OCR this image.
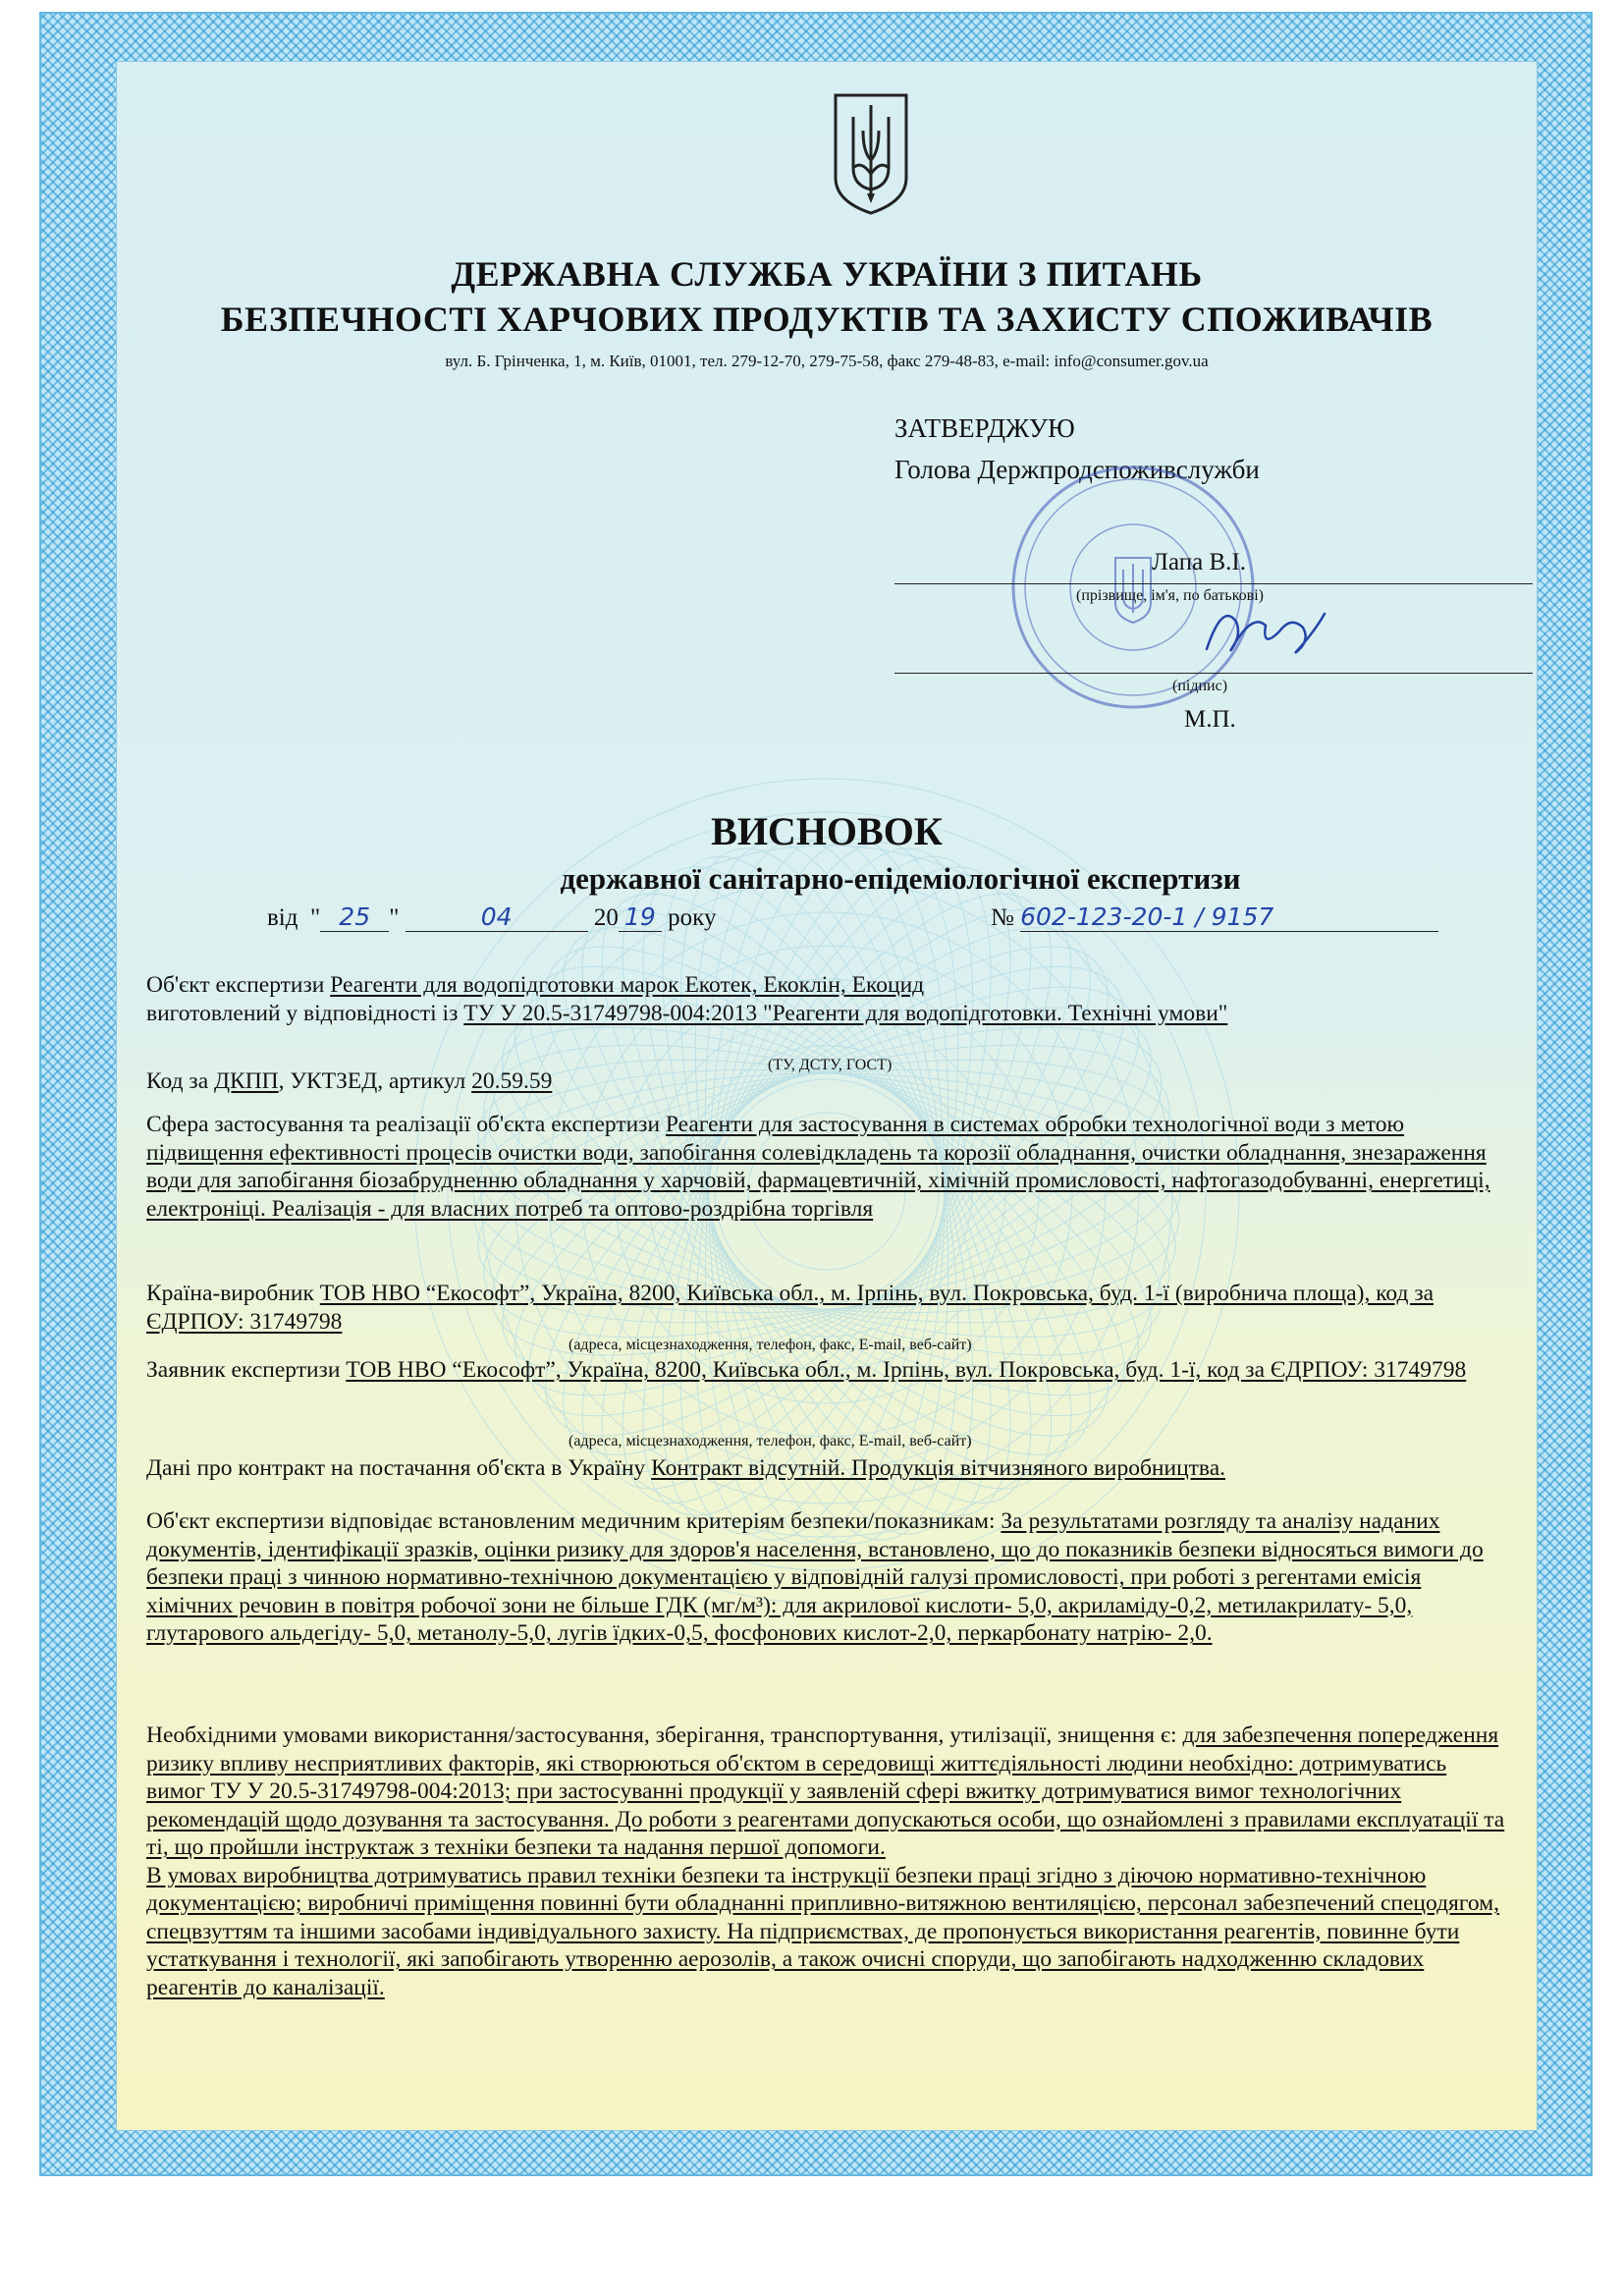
ДЕРЖАВНА СЛУЖБА УКРАЇНИ З ПИТАНЬ
БЕЗПЕЧНОСТІ ХАРЧОВИХ ПРОДУКТІВ ТА ЗАХИСТУ СПОЖИВАЧІВ
вул. Б. Грінченка, 1, м. Київ, 01001, тел. 279-12-70, 279-75-58, факс 279-48-83, e-mail: info@consumer.gov.ua
ЗАТВЕРДЖУЮ
Голова Держпродспоживслужби
Лапа В.І.
(прізвище, ім'я, по батькові)
(підпис)
М.П.
ВИСНОВОК
державної санітарно-епідеміологічної експертизи
від " 25 "	04	20 19 року	№ 602-123-20-1 / 9157

Об'єкт експертизи Реагенти для водопідготовки марок Екотек, Екоклін, Екоцид

виготовлений у відповідності із ТУ У 20.5-31749798-004:2013 "Реагенти для водопідготовки. Технічні умови"

(ТУ, ДСТУ, ГОСТ)

Код за ДКПП, УКТЗЕД, артикул 20.59.59

Сфера застосування та реалізації об'єкта експертизи Реагенти для застосування в системах обробки технологічної води з метою підвищення ефективності процесів очистки води, запобігання солевідкладень та корозії обладнання, очистки обладнання, знезараження води для запобігання біозабрудненню обладнання у харчовій, фармацевтичній, хімічній промисловості, нафтогазодобуванні, енергетиці, електроніці. Реалізація - для власних потреб та оптово-роздрібна торгівля

Країна-виробник ТОВ НВО “Екософт”, Україна, 8200, Київська обл., м. Ірпінь, вул. Покровська, буд. 1-ї (виробнича площа), код за ЄДРПОУ: 31749798

(адреса, місцезнаходження, телефон, факс, E-mail, веб-сайт)

Заявник експертизи ТОВ НВО “Екософт”, Україна, 8200, Київська обл., м. Ірпінь, вул. Покровська, буд. 1-ї, код за ЄДРПОУ: 31749798

(адреса, місцезнаходження, телефон, факс, E-mail, веб-сайт)

Дані про контракт на постачання об'єкта в Україну Контракт відсутній. Продукція вітчизняного виробництва.

Об'єкт експертизи відповідає встановленим медичним критеріям безпеки/показникам: За результатами розгляду та аналізу наданих документів, ідентифікації зразків, оцінки ризику для здоров'я населення, встановлено, що до показників безпеки відносяться вимоги до безпеки праці з чинною нормативно-технічною документацією у відповідній галузі промисловості, при роботі з регентами емісія хімічних речовин в повітря робочої зони не більше ГДК (мг/м³): для акрилової кислоти- 5,0, акриламіду-0,2, метилакрилату- 5,0, глутарового альдегіду- 5,0, метанолу-5,0, лугів їдких-0,5, фосфонових кислот-2,0, перкарбонату натрію- 2,0.

Необхідними умовами використання/застосування, зберігання, транспортування, утилізації, знищення є: для забезпечення попередження ризику впливу несприятливих факторів, які створюються об'єктом в середовищі життєдіяльності людини необхідно: дотримуватись вимог ТУ У 20.5-31749798-004:2013; при застосуванні продукції у заявленій сфері вжитку дотримуватися вимог технологічних рекомендацій щодо дозування та застосування. До роботи з реагентами допускаються особи, що ознайомлені з правилами експлуатації та ті, що пройшли інструктаж з техніки безпеки та надання першої допомоги.

В умовах виробництва дотримуватись правил техніки безпеки та інструкції безпеки праці згідно з діючою нормативно-технічною документацією; виробничі приміщення повинні бути обладнанні припливно-витяжною вентиляцією, персонал забезпечений спецодягом, спецвзуттям та іншими засобами індивідуального захисту. На підприємствах, де пропонується використання реагентів, повинне бути устаткування і технології, які запобігають утворенню аерозолів, а також очисні споруди, що запобігають надходженню складових реагентів до каналізації.
